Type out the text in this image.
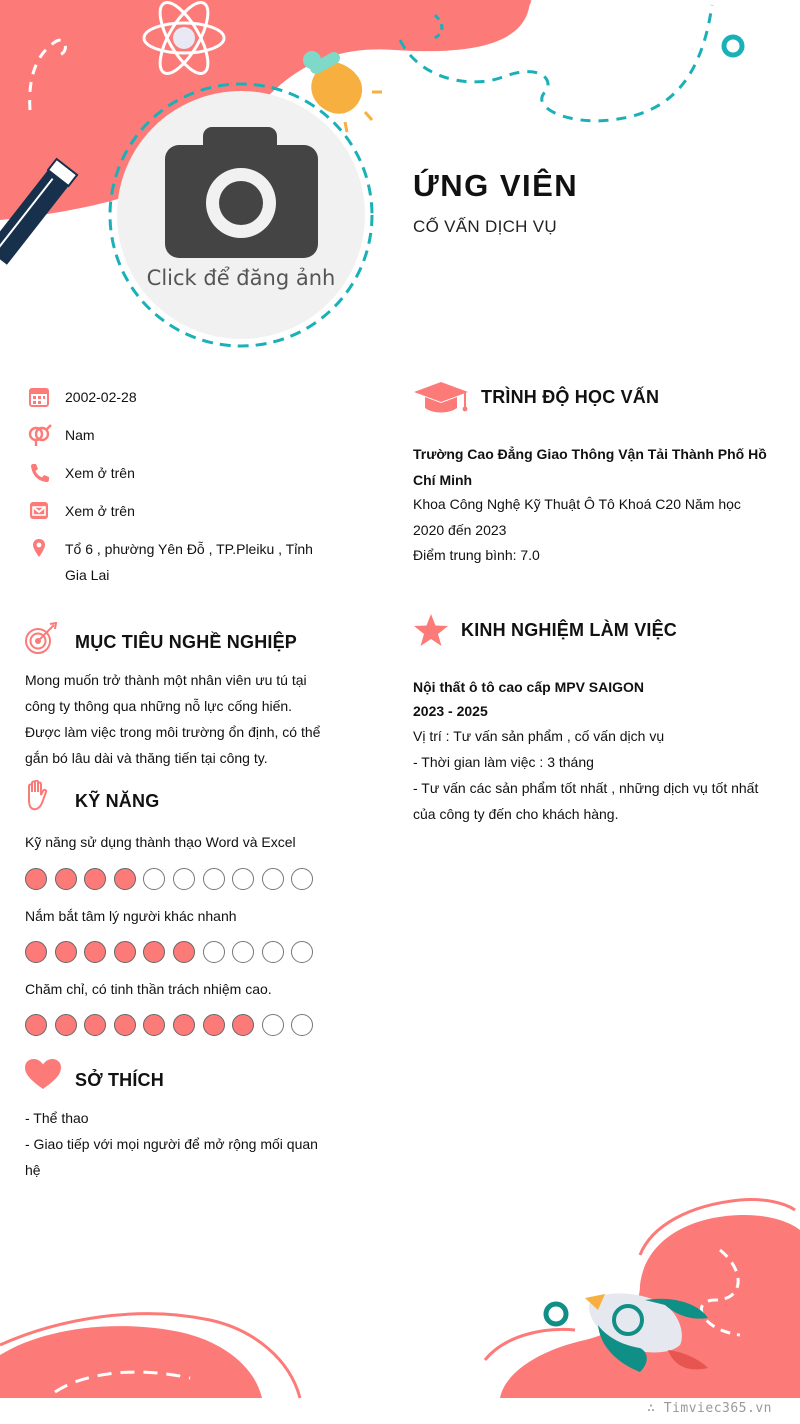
ỨNG VIÊN
CỐ VẤN DỊCH VỤ
Click để đăng ảnh
2002-02-28
Nam
Xem ở trên
Xem ở trên
Tổ 6 , phường Yên Đỗ , TP.Pleiku , Tỉnh Gia Lai
MỤC TIÊU NGHỀ NGHIỆP
Mong muốn trở thành một nhân viên ưu tú tại công ty thông qua những nỗ lực cống hiến. Được làm việc trong môi trường ổn định, có thể gắn bó lâu dài và thăng tiến tại công ty.
KỸ NĂNG
Kỹ năng sử dụng thành thạo Word và Excel
Nắm bắt tâm lý người khác nhanh
Chăm chỉ, có tinh thần trách nhiệm cao.
SỞ THÍCH
- Thể thao
- Giao tiếp với mọi người để mở rộng mối quan hệ
TRÌNH ĐỘ HỌC VẤN
Trường Cao Đẳng Giao Thông Vận Tải Thành Phố Hồ Chí Minh
Khoa Công Nghệ Kỹ Thuật Ô Tô Khoá C20 Năm học 2020 đến 2023
Điểm trung bình: 7.0
KINH NGHIỆM LÀM VIỆC
Nội thất ô tô cao cấp MPV SAIGON
2023 - 2025
Vị trí : Tư vấn sản phẩm , cố vấn dịch vụ
- Thời gian làm việc : 3 tháng
- Tư vấn các sản phẩm tốt nhất , những dịch vụ tốt nhất của công ty đến cho khách hàng.
∴ Timviec365.vn
